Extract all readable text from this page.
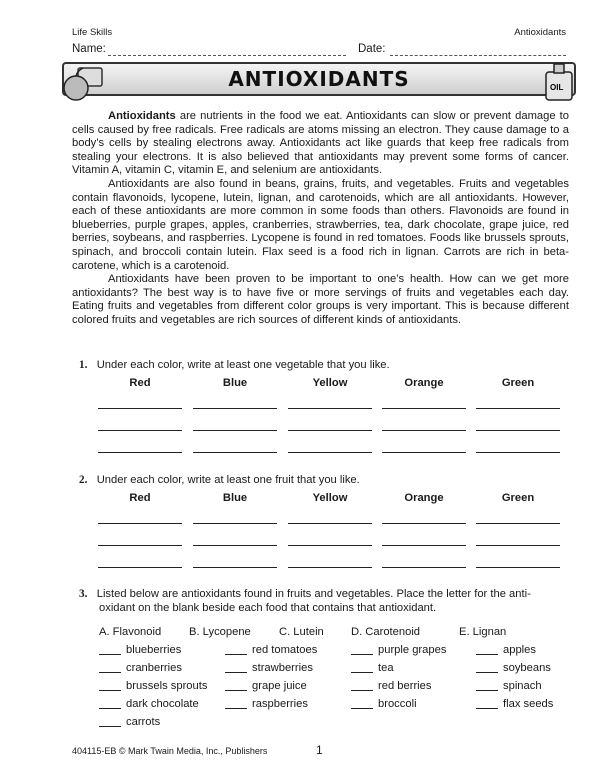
Life Skills	Antioxidants
Name:	Date:
ANTIOXIDANTS	OIL

Antioxidants are nutrients in the food we eat. Antioxidants can slow or prevent damage to cells caused by free radicals. Free radicals are atoms missing an electron. They cause damage to a body’s cells by stealing electrons away. Antioxidants act like guards that keep free radicals from stealing your electrons. It is also believed that antioxidants may prevent some forms of cancer. Vitamin A, vitamin C, vitamin E, and selenium are antioxidants.

Antioxidants are also found in beans, grains, fruits, and vegetables. Fruits and vegetables contain flavonoids, lycopene, lutein, lignan, and carotenoids, which are all antioxidants. However, each of these antioxidants are more common in some foods than others. Flavonoids are found in blueberries, purple grapes, apples, cranberries, strawberries, tea, dark chocolate, grape juice, red berries, soybeans, and raspberries. Lycopene is found in red tomatoes. Foods like brussels sprouts, spinach, and broccoli contain lutein. Flax seed is a food rich in lignan. Carrots are rich in beta-carotene, which is a carotenoid.

Antioxidants have been proven to be important to one’s health. How can we get more antioxidants? The best way is to have five or more servings of fruits and vegetables each day. Eating fruits and vegetables from different color groups is very important. This is because different colored fruits and vegetables are rich sources of different kinds of antioxidants.

1. Under each color, write at least one vegetable that you like.
Red	Blue	Yellow	Orange	Green
2. Under each color, write at least one fruit that you like.
Red	Blue	Yellow	Orange	Green
3. Listed below are antioxidants found in fruits and vegetables. Place the letter for the anti-
oxidant on the blank beside each food that contains that antioxidant.
A. Flavonoid B. Lycopene	C. Lutein D. Carotenoid	E. Lignan
blueberries	red tomatoes	purple grapes	apples
cranberries	strawberries	tea	soybeans
brussels sprouts	grape juice	red berries	spinach
dark chocolate	raspberries	broccoli	flax seeds
carrots
404115-EB © Mark Twain Media, Inc., Publishers	1
